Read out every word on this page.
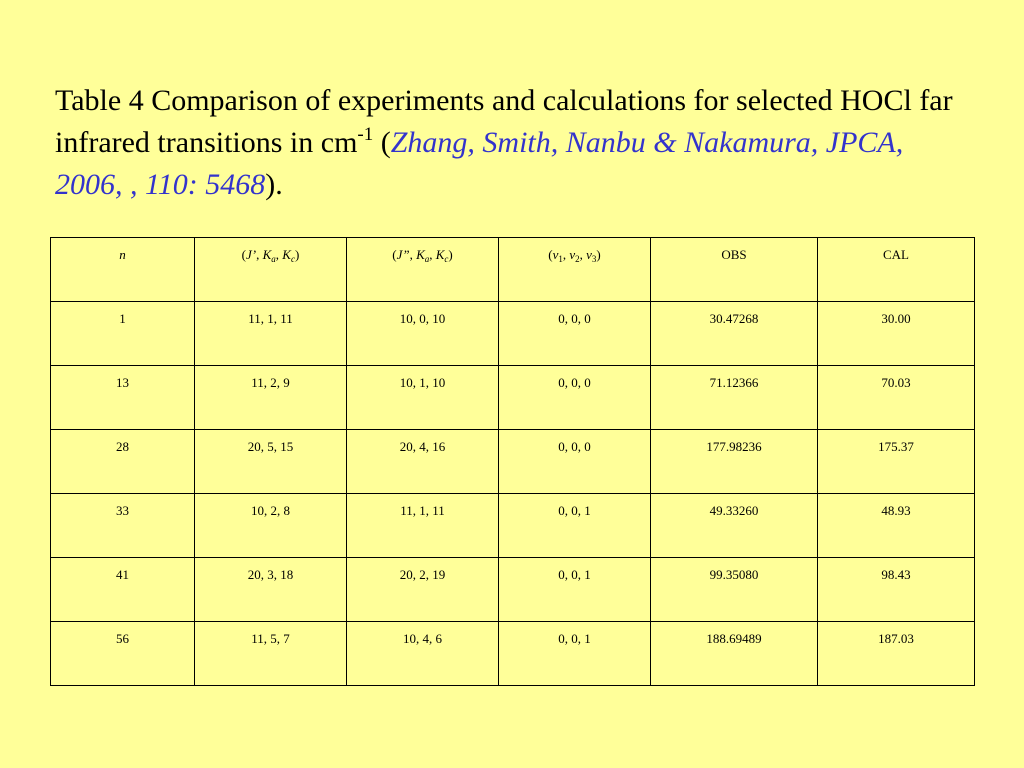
Table 4 Comparison of experiments and calculations for selected HOCl far infrared transitions in $cm^{-1}$ (Zhang, Smith, Nanbu & Nakamura, JPCA, 2006, , 110: 5468).

n	(J’, $K_a$, $K_c$)	(J”, $K_a$, $K_c$)	($\nu_1$, $\nu_2$, $\nu_3$)	OBS	CAL
1	11, 1, 11	10, 0, 10	0, 0, 0	30.47268	30.00
13	11, 2, 9	10, 1, 10	0, 0, 0	71.12366	70.03
28	20, 5, 15	20, 4, 16	0, 0, 0	177.98236	175.37
33	10, 2, 8	11, 1, 11	0, 0, 1	49.33260	48.93
41	20, 3, 18	20, 2, 19	0, 0, 1	99.35080	98.43
56	11, 5, 7	10, 4, 6	0, 0, 1	188.69489	187.03
